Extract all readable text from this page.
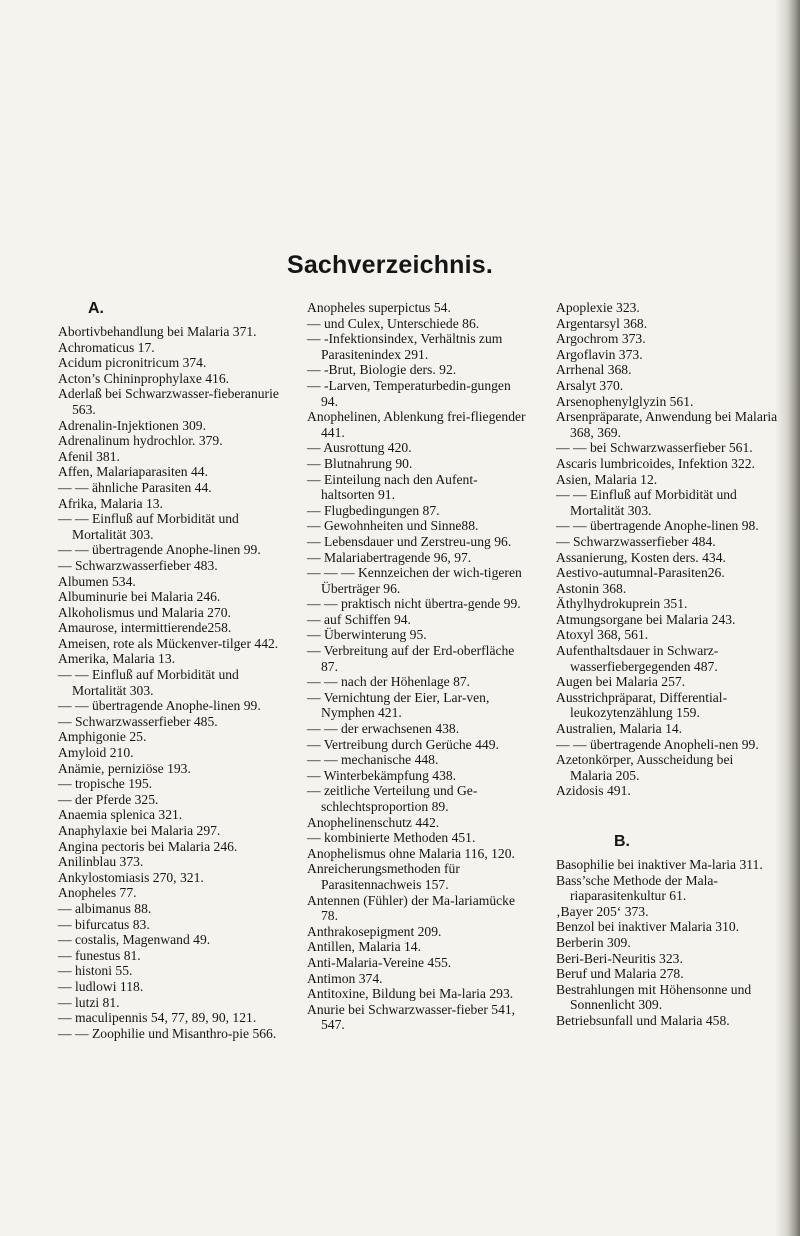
Sachverzeichnis.
A.

Abortivbehandlung bei Malaria 371.

Achromaticus 17.

Acidum picronitricum 374.

Acton’s Chininprophylaxe 416.

Aderlaß bei Schwarzwasser-fieberanurie 563.

Adrenalin-Injektionen 309.

Adrenalinum hydrochlor. 379.

Afenil 381.

Affen, Malariaparasiten 44.

— — ähnliche Parasiten 44.

Afrika, Malaria 13.

— — Einfluß auf Morbidität und Mortalität 303.

— — übertragende Anophe-linen 99.

— Schwarzwasserfieber 483.

Albumen 534.

Albuminurie bei Malaria 246.

Alkoholismus und Malaria 270.

Amaurose, intermittierende258.

Ameisen, rote als Mückenver-tilger 442.

Amerika, Malaria 13.

— — Einfluß auf Morbidität und Mortalität 303.

— — übertragende Anophe-linen 99.

— Schwarzwasserfieber 485.

Amphigonie 25.

Amyloid 210.

Anämie, perniziöse 193.

— tropische 195.

— der Pferde 325.

Anaemia splenica 321.

Anaphylaxie bei Malaria 297.

Angina pectoris bei Malaria 246.

Anilinblau 373.

Ankylostomiasis 270, 321.

Anopheles 77.

— albimanus 88.

— bifurcatus 83.

— costalis, Magenwand 49.

— funestus 81.

— histoni 55.

— ludlowi 118.

— lutzi 81.

— maculipennis 54, 77, 89, 90, 121.

— — Zoophilie und Misanthro-pie 566.

Anopheles superpictus 54.

— und Culex, Unterschiede 86.

— -Infektionsindex, Verhältnis zum Parasitenindex 291.

— -Brut, Biologie ders. 92.

— -Larven, Temperaturbedin-gungen 94.

Anophelinen, Ablenkung frei-fliegender 441.

— Ausrottung 420.

— Blutnahrung 90.

— Einteilung nach den Aufent-haltsorten 91.

— Flugbedingungen 87.

— Gewohnheiten und Sinne88.

— Lebensdauer und Zerstreu-ung 96.

— Malariabertragende 96, 97.

— — — Kennzeichen der wich-tigeren Überträger 96.

— — praktisch nicht übertra-gende 99.

— auf Schiffen 94.

— Überwinterung 95.

— Verbreitung auf der Erd-oberfläche 87.

— — nach der Höhenlage 87.

— Vernichtung der Eier, Lar-ven, Nymphen 421.

— — der erwachsenen 438.

— Vertreibung durch Gerüche 449.

— — mechanische 448.

— Winterbekämpfung 438.

— zeitliche Verteilung und Ge-schlechtsproportion 89.

Anophelinenschutz 442.

— kombinierte Methoden 451.

Anophelismus ohne Malaria 116, 120.

Anreicherungsmethoden für Parasitennachweis 157.

Antennen (Fühler) der Ma-lariamücke 78.

Anthrakosepigment 209.

Antillen, Malaria 14.

Anti-Malaria-Vereine 455.

Antimon 374.

Antitoxine, Bildung bei Ma-laria 293.

Anurie bei Schwarzwasser-fieber 541, 547.

Apoplexie 323.

Argentarsyl 368.

Argochrom 373.

Argoflavin 373.

Arrhenal 368.

Arsalyt 370.

Arsenophenylglyzin 561.

Arsenpräparate, Anwendung bei Malaria 368, 369.

— — bei Schwarzwasserfieber 561.

Ascaris lumbricoides, Infektion 322.

Asien, Malaria 12.

— — Einfluß auf Morbidität und Mortalität 303.

— — übertragende Anophe-linen 98.

— Schwarzwasserfieber 484.

Assanierung, Kosten ders. 434.

Aestivo-autumnal-Parasiten26.

Astonin 368.

Äthylhydrokuprein 351.

Atmungsorgane bei Malaria 243.

Atoxyl 368, 561.

Aufenthaltsdauer in Schwarz-wasserfiebergegenden 487.

Augen bei Malaria 257.

Ausstrichpräparat, Differential-leukozytenzählung 159.

Australien, Malaria 14.

— — übertragende Anopheli-nen 99.

Azetonkörper, Ausscheidung bei Malaria 205.

Azidosis 491.

B.

Basophilie bei inaktiver Ma-laria 311.

Bass’sche Methode der Mala-riaparasitenkultur 61.

‚Bayer 205‘ 373.

Benzol bei inaktiver Malaria 310.

Berberin 309.

Beri-Beri-Neuritis 323.

Beruf und Malaria 278.

Bestrahlungen mit Höhensonne und Sonnenlicht 309.

Betriebsunfall und Malaria 458.
